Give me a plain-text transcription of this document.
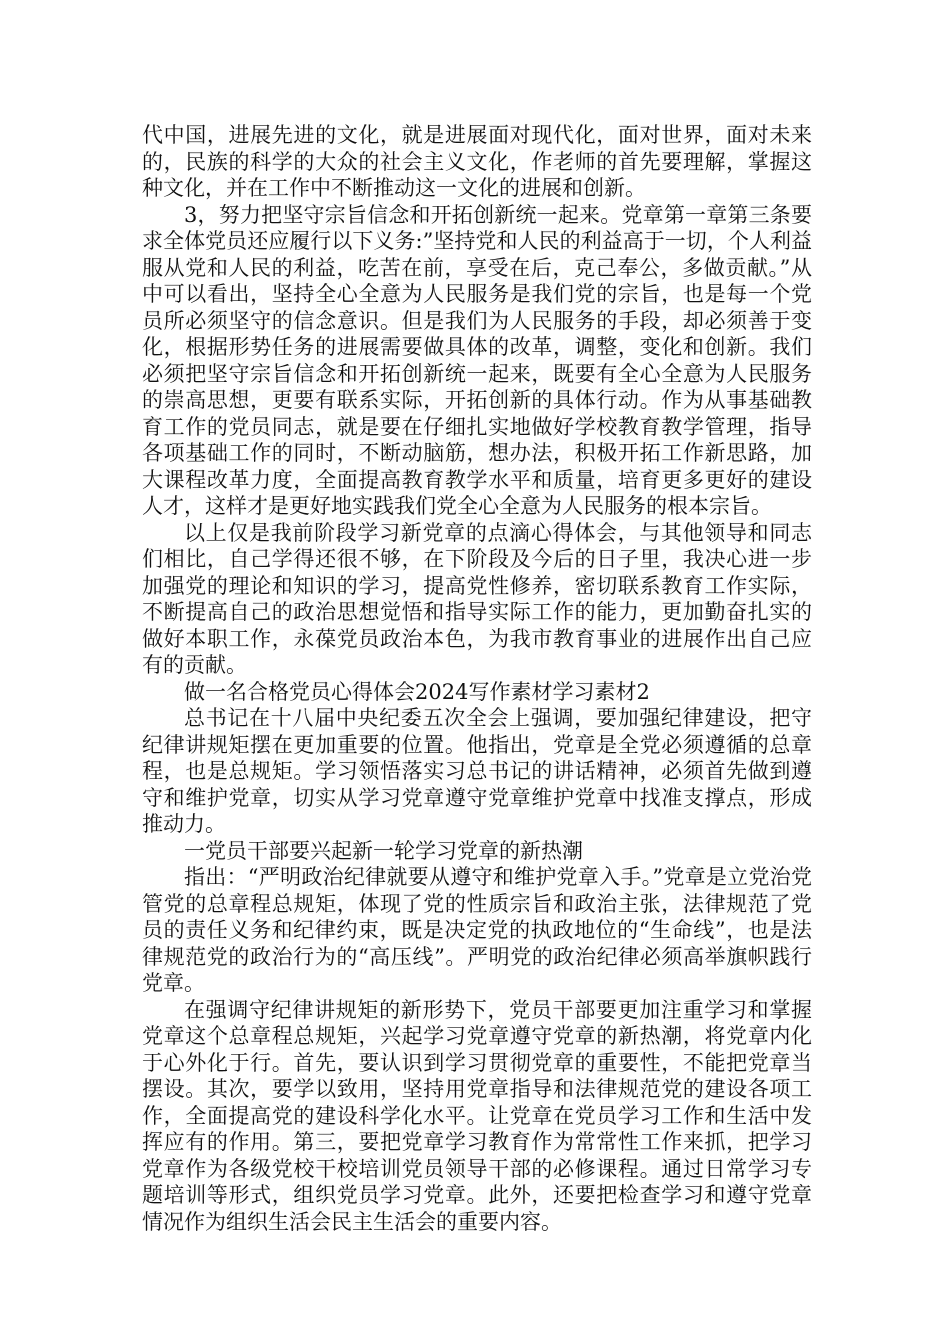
代中国，进展先进的文化，就是进展面对现代化，面对世界，面对未来的，民族的科学的大众的社会主义文化，作老师的首先要理解，掌握这种文化，并在工作中不断推动这一文化的进展和创新。

3，努力把坚守宗旨信念和开拓创新统一起来。党章第一章第三条要求全体党员还应履行以下义务:”坚持党和人民的利益高于一切，个人利益服从党和人民的利益，吃苦在前，享受在后，克己奉公，多做贡献。”从中可以看出，坚持全心全意为人民服务是我们党的宗旨，也是每一个党员所必须坚守的信念意识。但是我们为人民服务的手段，却必须善于变化，根据形势任务的进展需要做具体的改革，调整，变化和创新。我们必须把坚守宗旨信念和开拓创新统一起来，既要有全心全意为人民服务的崇高思想，更要有联系实际，开拓创新的具体行动。作为从事基础教育工作的党员同志，就是要在仔细扎实地做好学校教育教学管理，指导各项基础工作的同时，不断动脑筋，想办法，积极开拓工作新思路，加大课程改革力度，全面提高教育教学水平和质量，培育更多更好的建设人才，这样才是更好地实践我们党全心全意为人民服务的根本宗旨。

以上仅是我前阶段学习新党章的点滴心得体会，与其他领导和同志们相比，自己学得还很不够，在下阶段及今后的日子里，我决心进一步加强党的理论和知识的学习，提高党性修养，密切联系教育工作实际，不断提高自己的政治思想觉悟和指导实际工作的能力，更加勤奋扎实的做好本职工作，永葆党员政治本色，为我市教育事业的进展作出自己应有的贡献。

做一名合格党员心得体会2024写作素材学习素材2

总书记在十八届中央纪委五次全会上强调，要加强纪律建设，把守纪律讲规矩摆在更加重要的位置。他指出，党章是全党必须遵循的总章程，也是总规矩。学习领悟落实习总书记的讲话精神，必须首先做到遵守和维护党章，切实从学习党章遵守党章维护党章中找准支撑点，形成推动力。

一党员干部要兴起新一轮学习党章的新热潮

指出：“严明政治纪律就要从遵守和维护党章入手。”党章是立党治党管党的总章程总规矩，体现了党的性质宗旨和政治主张，法律规范了党员的责任义务和纪律约束，既是决定党的执政地位的“生命线”，也是法律规范党的政治行为的“高压线”。严明党的政治纪律必须高举旗帜践行党章。

在强调守纪律讲规矩的新形势下，党员干部要更加注重学习和掌握党章这个总章程总规矩，兴起学习党章遵守党章的新热潮，将党章内化于心外化于行。首先，要认识到学习贯彻党章的重要性，不能把党章当摆设。其次，要学以致用，坚持用党章指导和法律规范党的建设各项工作，全面提高党的建设科学化水平。让党章在党员学习工作和生活中发挥应有的作用。第三，要把党章学习教育作为常常性工作来抓，把学习党章作为各级党校干校培训党员领导干部的必修课程。通过日常学习专题培训等形式，组织党员学习党章。此外，还要把检查学习和遵守党章情况作为组织生活会民主生活会的重要内容。
